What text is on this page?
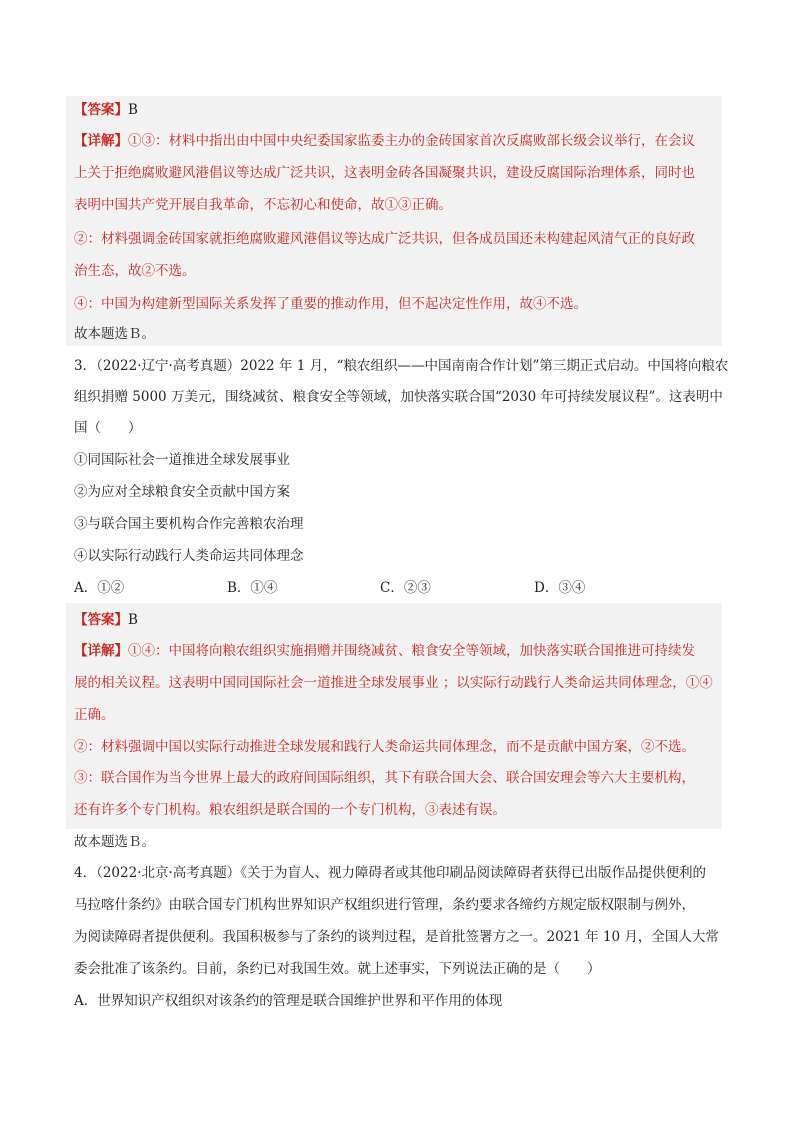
【答案】B
【详解】①③：材料中指出由中国中央纪委国家监委主办的金砖国家首次反腐败部长级会议举行，在会议
上关于拒绝腐败避风港倡议等达成广泛共识，这表明金砖各国凝聚共识，建设反腐国际治理体系，同时也
表明中国共产党开展自我革命，不忘初心和使命，故①③正确。
②：材料强调金砖国家就拒绝腐败避风港倡议等达成广泛共识，但各成员国还未构建起风清气正的良好政
治生态，故②不选。
④：中国为构建新型国际关系发挥了重要的推动作用，但不起决定性作用，故④不选。
故本题选Ｂ。
3．（2022·辽宁·高考真题）2022 年 1 月，“粮农组织——中国南南合作计划”第三期正式启动。中国将向粮农
组织捐赠 5000 万美元，围绕减贫、粮食安全等领域，加快落实联合国“2030 年可持续发展议程”。这表明中
国（　　）
①同国际社会一道推进全球发展事业
②为应对全球粮食安全贡献中国方案
③与联合国主要机构合作完善粮农治理
④以实际行动践行人类命运共同体理念
A．①②	B．①④	C．②③	D．③④
【答案】B
【详解】①④：中国将向粮农组织实施捐赠并围绕减贫、粮食安全等领域，加快落实联合国推进可持续发
展的相关议程。这表明中国同国际社会一道推进全球发展事业 ；以实际行动践行人类命运共同体理念，①④
正确。
②：材料强调中国以实际行动推进全球发展和践行人类命运共同体理念，而不是贡献中国方案，②不选。
③：联合国作为当今世界上最大的政府间国际组织，其下有联合国大会、联合国安理会等六大主要机构，
还有许多个专门机构。粮农组织是联合国的一个专门机构，③表述有误。
故本题选Ｂ。
4．（2022·北京·高考真题）《关于为盲人、视力障碍者或其他印刷品阅读障碍者获得已出版作品提供便利的
马拉喀什条约》由联合国专门机构世界知识产权组织进行管理，条约要求各缔约方规定版权限制与例外，
为阅读障碍者提供便利。我国积极参与了条约的谈判过程，是首批签署方之一。2021 年 10 月，全国人大常
委会批准了该条约。目前，条约已对我国生效。就上述事实，下列说法正确的是（　　）
A．世界知识产权组织对该条约的管理是联合国维护世界和平作用的体现
